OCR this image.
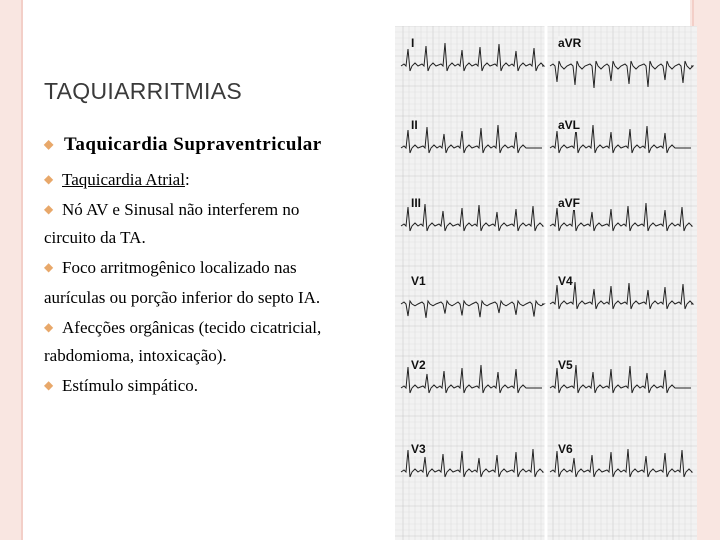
TAQUIARRITMIAS
◆ Taquicardia Supraventricular
◆ Taquicardia Atrial:
◆ Nó AV e Sinusal não interferem no
circuito da TA.
◆ Foco arritmogênico localizado nas
aurículas ou porção inferior do septo IA.
◆ Afecções orgânicas (tecido cicatricial,
rabdomioma, intoxicação).
◆ Estímulo simpático.
I	aVR
II	aVL
III	aVF
V1	V4
V2	V5
V3	V6
